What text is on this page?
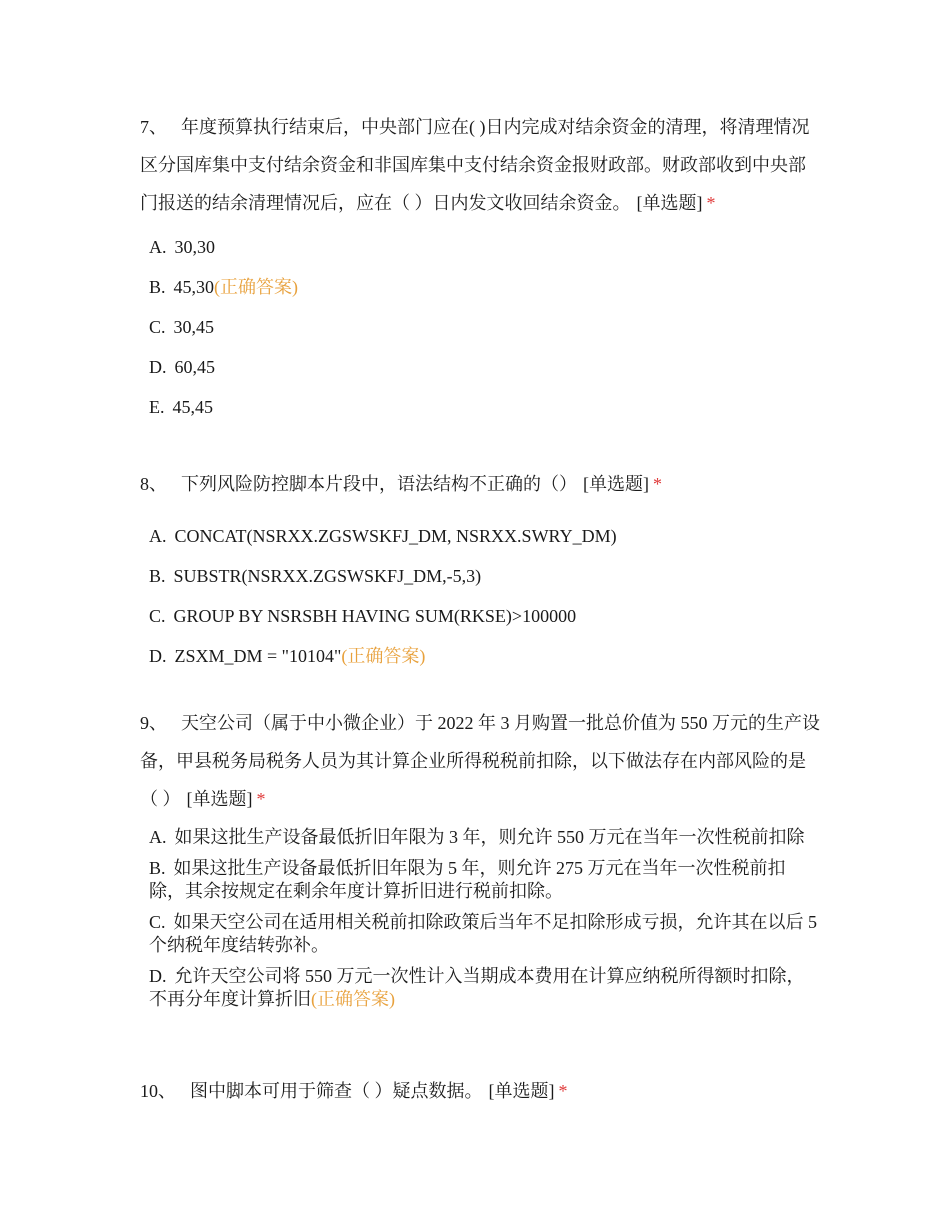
7、 年度预算执行结束后，中央部门应在( )日内完成对结余资金的清理，将清理情况区分国库集中支付结余资金和非国库集中支付结余资金报财政部。财政部收到中央部门报送的结余清理情况后，应在（ ）日内发文收回结余资金。 [单选题] *

A. 30,30
B. 45,30(正确答案)
C. 30,45
D. 60,45
E. 45,45

8、 下列风险防控脚本片段中，语法结构不正确的（） [单选题] *

A. CONCAT(NSRXX.ZGSWSKFJ_DM, NSRXX.SWRY_DM)
B. SUBSTR(NSRXX.ZGSWSKFJ_DM,-5,3)
C. GROUP BY NSRSBH HAVING SUM(RKSE)>100000
D. ZSXM_DM = "10104"(正确答案)

9、 天空公司（属于中小微企业）于 2022 年 3 月购置一批总价值为 550 万元的生产设备，甲县税务局税务人员为其计算企业所得税税前扣除，以下做法存在内部风险的是（ ） [单选题] *

A. 如果这批生产设备最低折旧年限为 3 年，则允许 550 万元在当年一次性税前扣除
B. 如果这批生产设备最低折旧年限为 5 年，则允许 275 万元在当年一次性税前扣除，其余按规定在剩余年度计算折旧进行税前扣除。
C. 如果天空公司在适用相关税前扣除政策后当年不足扣除形成亏损，允许其在以后 5 个纳税年度结转弥补。
D. 允许天空公司将 550 万元一次性计入当期成本费用在计算应纳税所得额时扣除，不再分年度计算折旧(正确答案)

10、 图中脚本可用于筛查（ ）疑点数据。 [单选题] *
